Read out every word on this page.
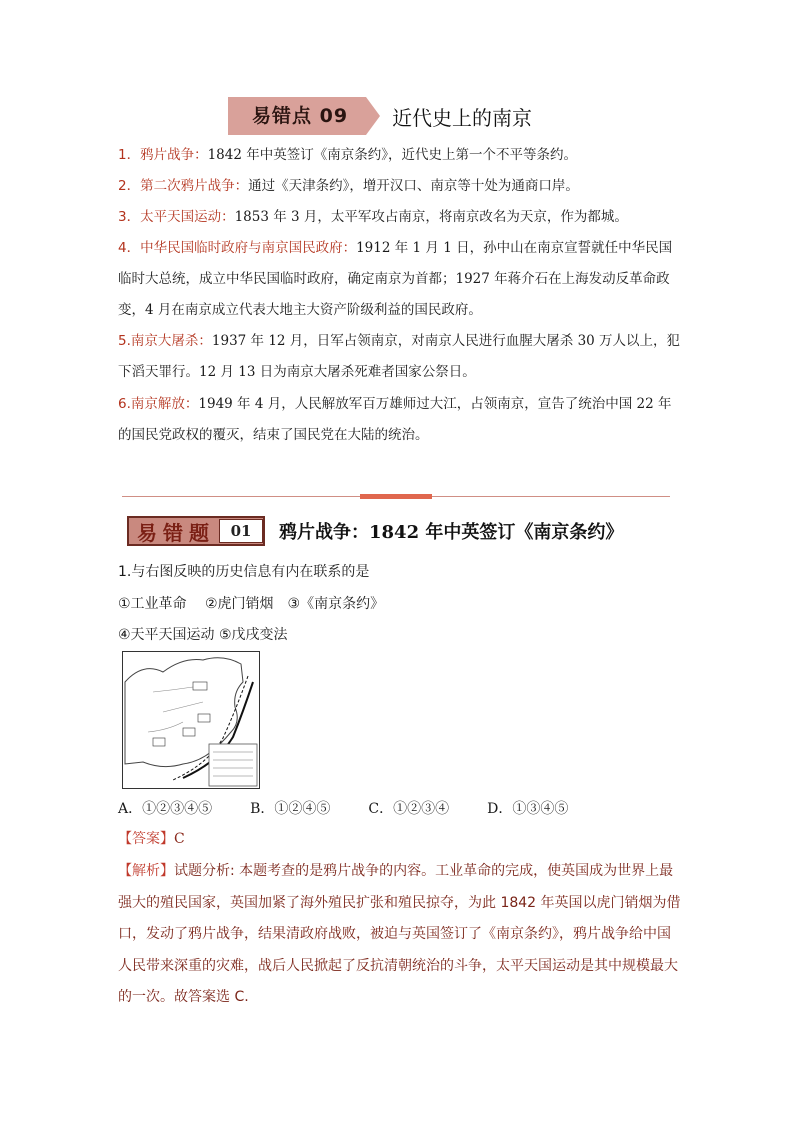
易错点 09	近代史上的南京
1．鸦片战争：1842 年中英签订《南京条约》，近代史上第一个不平等条约。
2．第二次鸦片战争：通过《天津条约》，增开汉口、南京等十处为通商口岸。
3．太平天国运动：1853 年 3 月，太平军攻占南京，将南京改名为天京，作为都城。
4．中华民国临时政府与南京国民政府：1912 年 1 月 1 日，孙中山在南京宣誓就任中华民国临时大总统，成立中华民国临时政府，确定南京为首都；1927 年蒋介石在上海发动反革命政变，4 月在南京成立代表大地主大资产阶级利益的国民政府。
5.南京大屠杀：1937 年 12 月，日军占领南京，对南京人民进行血腥大屠杀 30 万人以上，犯下滔天罪行。12 月 13 日为南京大屠杀死难者国家公祭日。
6.南京解放：1949 年 4 月，人民解放军百万雄师过大江，占领南京，宣告了统治中国 22 年的国民党政权的覆灭，结束了国民党在大陆的统治。
易错题	01	鸦片战争：1842 年中英签订《南京条约》
1.与右图反映的历史信息有内在联系的是
①工业革命　 ②虎门销烟　③《南京条约》
④天平天国运动 ⑤戊戌变法
A．①②③④⑤	B．①②④⑤	C．①②③④	D．①③④⑤
【答案】C
【解析】试题分析: 本题考查的是鸦片战争的内容。工业革命的完成，使英国成为世界上最强大的殖民国家，英国加紧了海外殖民扩张和殖民掠夺，为此 1842 年英国以虎门销烟为借口，发动了鸦片战争，结果清政府战败，被迫与英国签订了《南京条约》，鸦片战争给中国人民带来深重的灾难，战后人民掀起了反抗清朝统治的斗争，太平天国运动是其中规模最大的一次。故答案选 C.
